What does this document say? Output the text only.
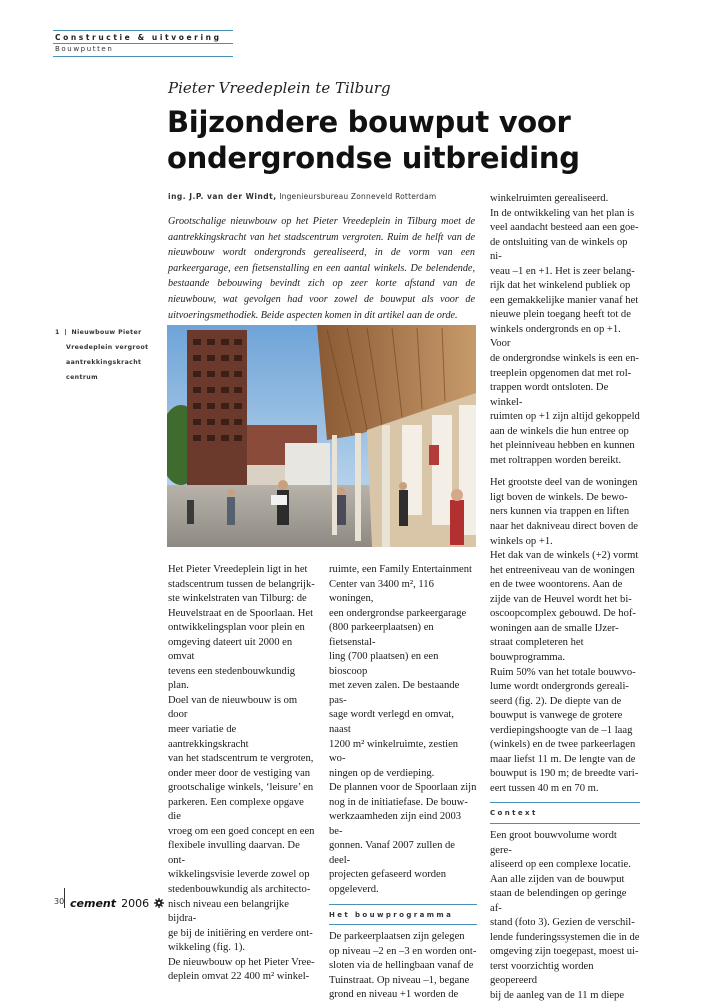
Constructie & uitvoering
Bouwputten
Pieter Vreedeplein te Tilburg
Bijzondere bouwput voor
ondergrondse uitbreiding
ing. J.P. van der Windt, Ingenieursbureau Zonneveld Rotterdam
Grootschalige nieuwbouw op het Pieter Vreedeplein in Tilburg moet de aantrekkingskracht van het stadscentrum vergroten. Ruim de helft van de nieuwbouw wordt ondergronds gerealiseerd, in de vorm van een parkeergarage, een fietsenstalling en een aantal winkels. De belendende, bestaande bebouwing bevindt zich op zeer korte afstand van de nieuwbouw, wat gevolgen had voor zowel de bouwput als voor de uitvoeringsmethodiek. Beide aspecten komen in dit artikel aan de orde.
1 | Nieuwbouw Pieter
Vreedeplein vergroot
aantrekkingskracht
centrum
Het Pieter Vreedeplein ligt in het
stadscentrum tussen de belangrijk-
ste winkelstraten van Tilburg: de
Heuvelstraat en de Spoorlaan. Het
ontwikkelingsplan voor plein en
omgeving dateert uit 2000 en omvat
tevens een stedenbouwkundig plan.
Doel van de nieuwbouw is om door
meer variatie de aantrekkingskracht
van het stadscentrum te vergroten,
onder meer door de vestiging van
grootschalige winkels, ‘leisure’ en
parkeren. Een complexe opgave die
vroeg om een goed concept en een
flexibele invulling daarvan. De ont-
wikkelingsvisie leverde zowel op
stedenbouwkundig als architecto-
nisch niveau een belangrijke bijdra-
ge bij de initiëring en verdere ont-
wikkeling (fig. 1).
De nieuwbouw op het Pieter Vree-
deplein omvat 22 400 m² winkel-
ruimte, een Family Entertainment
Center van 3400 m², 116 woningen,
een ondergrondse parkeergarage
(800 parkeerplaatsen) en fietsenstal-
ling (700 plaatsen) en een bioscoop
met zeven zalen. De bestaande pas-
sage wordt verlegd en omvat, naast
1200 m² winkelruimte, zestien wo-
ningen op de verdieping.
De plannen voor de Spoorlaan zijn
nog in de initiatiefase. De bouw-
werkzaamheden zijn eind 2003 be-
gonnen. Vanaf 2007 zullen de deel-
projecten gefaseerd worden
opgeleverd.
Het bouwprogramma
De parkeerplaatsen zijn gelegen
op niveau –2 en –3 en worden ont-
sloten via de hellingbaan vanaf de
Tuinstraat. Op niveau –1, begane
grond en niveau +1 worden de
winkelruimten gerealiseerd.
In de ontwikkeling van het plan is
veel aandacht besteed aan een goe-
de ontsluiting van de winkels op ni-
veau –1 en +1. Het is zeer belang-
rijk dat het winkelend publiek op
een gemakkelijke manier vanaf het
nieuwe plein toegang heeft tot de
winkels ondergronds en op +1. Voor
de ondergrondse winkels is een en-
treeplein opgenomen dat met rol-
trappen wordt ontsloten. De winkel-
ruimten op +1 zijn altijd gekoppeld
aan de winkels die hun entree op
het pleinniveau hebben en kunnen
met roltrappen worden bereikt.
Het grootste deel van de woningen
ligt boven de winkels. De bewo-
ners kunnen via trappen en liften
naar het dakniveau direct boven de
winkels op +1.
Het dak van de winkels (+2) vormt
het entreeniveau van de woningen
en de twee woontorens. Aan de
zijde van de Heuvel wordt het bi-
oscoopcomplex gebouwd. De hof-
woningen aan de smalle IJzer-
straat completeren het
bouwprogramma.
Ruim 50% van het totale bouwvo-
lume wordt ondergronds gereali-
seerd (fig. 2). De diepte van de
bouwput is vanwege de grotere
verdiepingshoogte van de –1 laag
(winkels) en de twee parkeerlagen
maar liefst 11 m. De lengte van de
bouwput is 190 m; de breedte vari-
eert tussen 40 m en 70 m.
Context
Een groot bouwvolume wordt gere-
aliseerd op een complexe locatie.
Aan alle zijden van de bouwput
staan de belendingen op geringe af-
stand (foto 3). Gezien de verschil-
lende funderingssystemen die in de
omgeving zijn toegepast, moest ui-
terst voorzichtig worden geopereerd
bij de aanleg van de 11 m diepe
30 cement 2006
